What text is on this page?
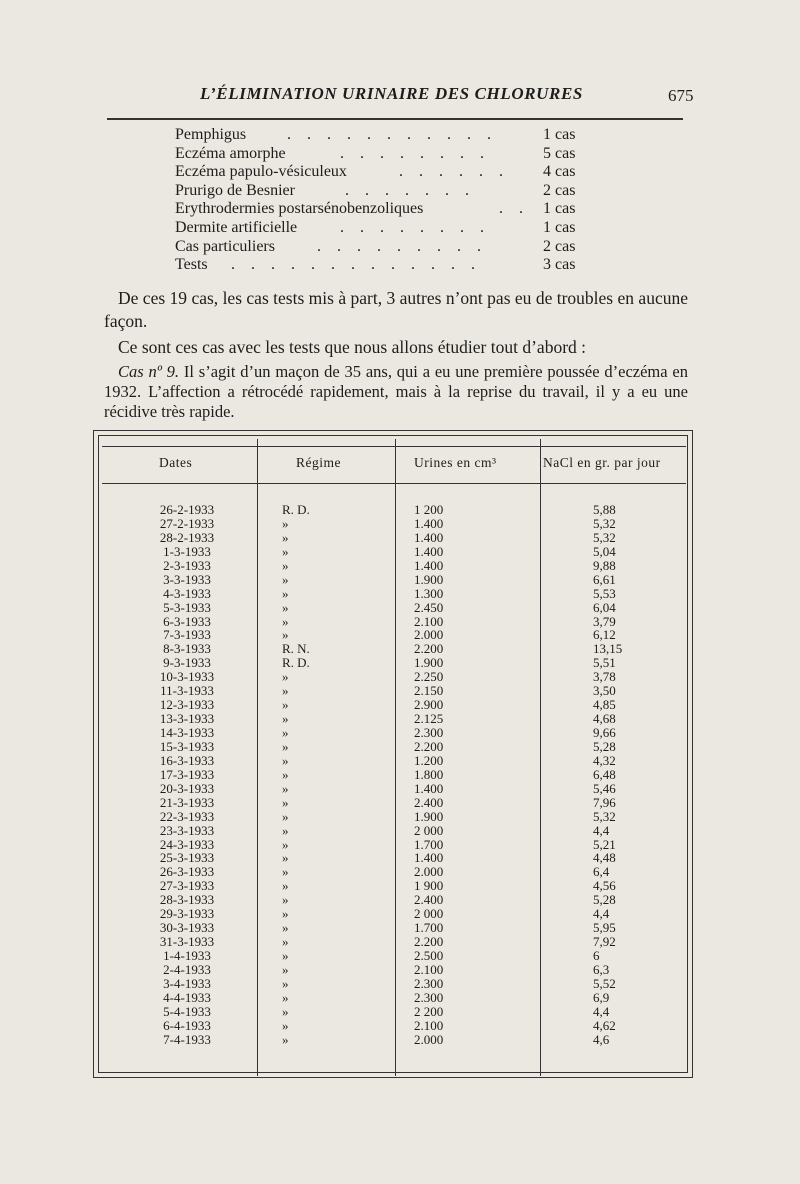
L’ÉLIMINATION URINAIRE DES CHLORURES	675
Pemphigus	. . . . . . . . . . .	1 cas
Eczéma amorphe	. . . . . . . .	5 cas
Eczéma papulo-vésiculeux	. . . . . . 4 cas
Prurigo de Besnier	. . . . . . .	2 cas
Erythrodermies postarsénobenzoliques	. . 1 cas
Dermite artificielle	. . . . . . . .	1 cas
Cas particuliers	. . . . . . . . .	2 cas
Tests . . . . . . . . . . . . .	3 cas
De ces 19 cas, les cas tests mis à part, 3 autres n’ont pas eu de troubles en aucune façon.
Ce sont ces cas avec les tests que nous allons étudier tout d’abord :
Cas nº 9. Il s’agit d’un maçon de 35 ans, qui a eu une première poussée d’eczéma en 1932. L’affection a rétrocédé rapidement, mais à la reprise du travail, il y a eu une récidive très rapide.
Dates	Régime	Urines en cm³	NaCl en gr. par jour
26-2-1933	R. D.	1 200	5,88
27-2-1933	»	1.400	5,32
28-2-1933	»	1.400	5,32
1-3-1933	»	1.400	5,04
2-3-1933	»	1.400	9,88
3-3-1933	»	1.900	6,61
4-3-1933	»	1.300	5,53
5-3-1933	»	2.450	6,04
6-3-1933	»	2.100	3,79
7-3-1933	»	2.000	6,12
8-3-1933	R. N.	2.200	13,15
9-3-1933	R. D.	1.900	5,51
10-3-1933	»	2.250	3,78
11-3-1933	»	2.150	3,50
12-3-1933	»	2.900	4,85
13-3-1933	»	2.125	4,68
14-3-1933	»	2.300	9,66
15-3-1933	»	2.200	5,28
16-3-1933	»	1.200	4,32
17-3-1933	»	1.800	6,48
20-3-1933	»	1.400	5,46
21-3-1933	»	2.400	7,96
22-3-1933	»	1.900	5,32
23-3-1933	»	2 000	4,4
24-3-1933	»	1.700	5,21
25-3-1933	»	1.400	4,48
26-3-1933	»	2.000	6,4
27-3-1933	»	1 900	4,56
28-3-1933	»	2.400	5,28
29-3-1933	»	2 000	4,4
30-3-1933	»	1.700	5,95
31-3-1933	»	2.200	7,92
1-4-1933	»	2.500	6
2-4-1933	»	2.100	6,3
3-4-1933	»	2.300	5,52
4-4-1933	»	2.300	6,9
5-4-1933	»	2 200	4,4
6-4-1933	»	2.100	4,62
7-4-1933	»	2.000	4,6
